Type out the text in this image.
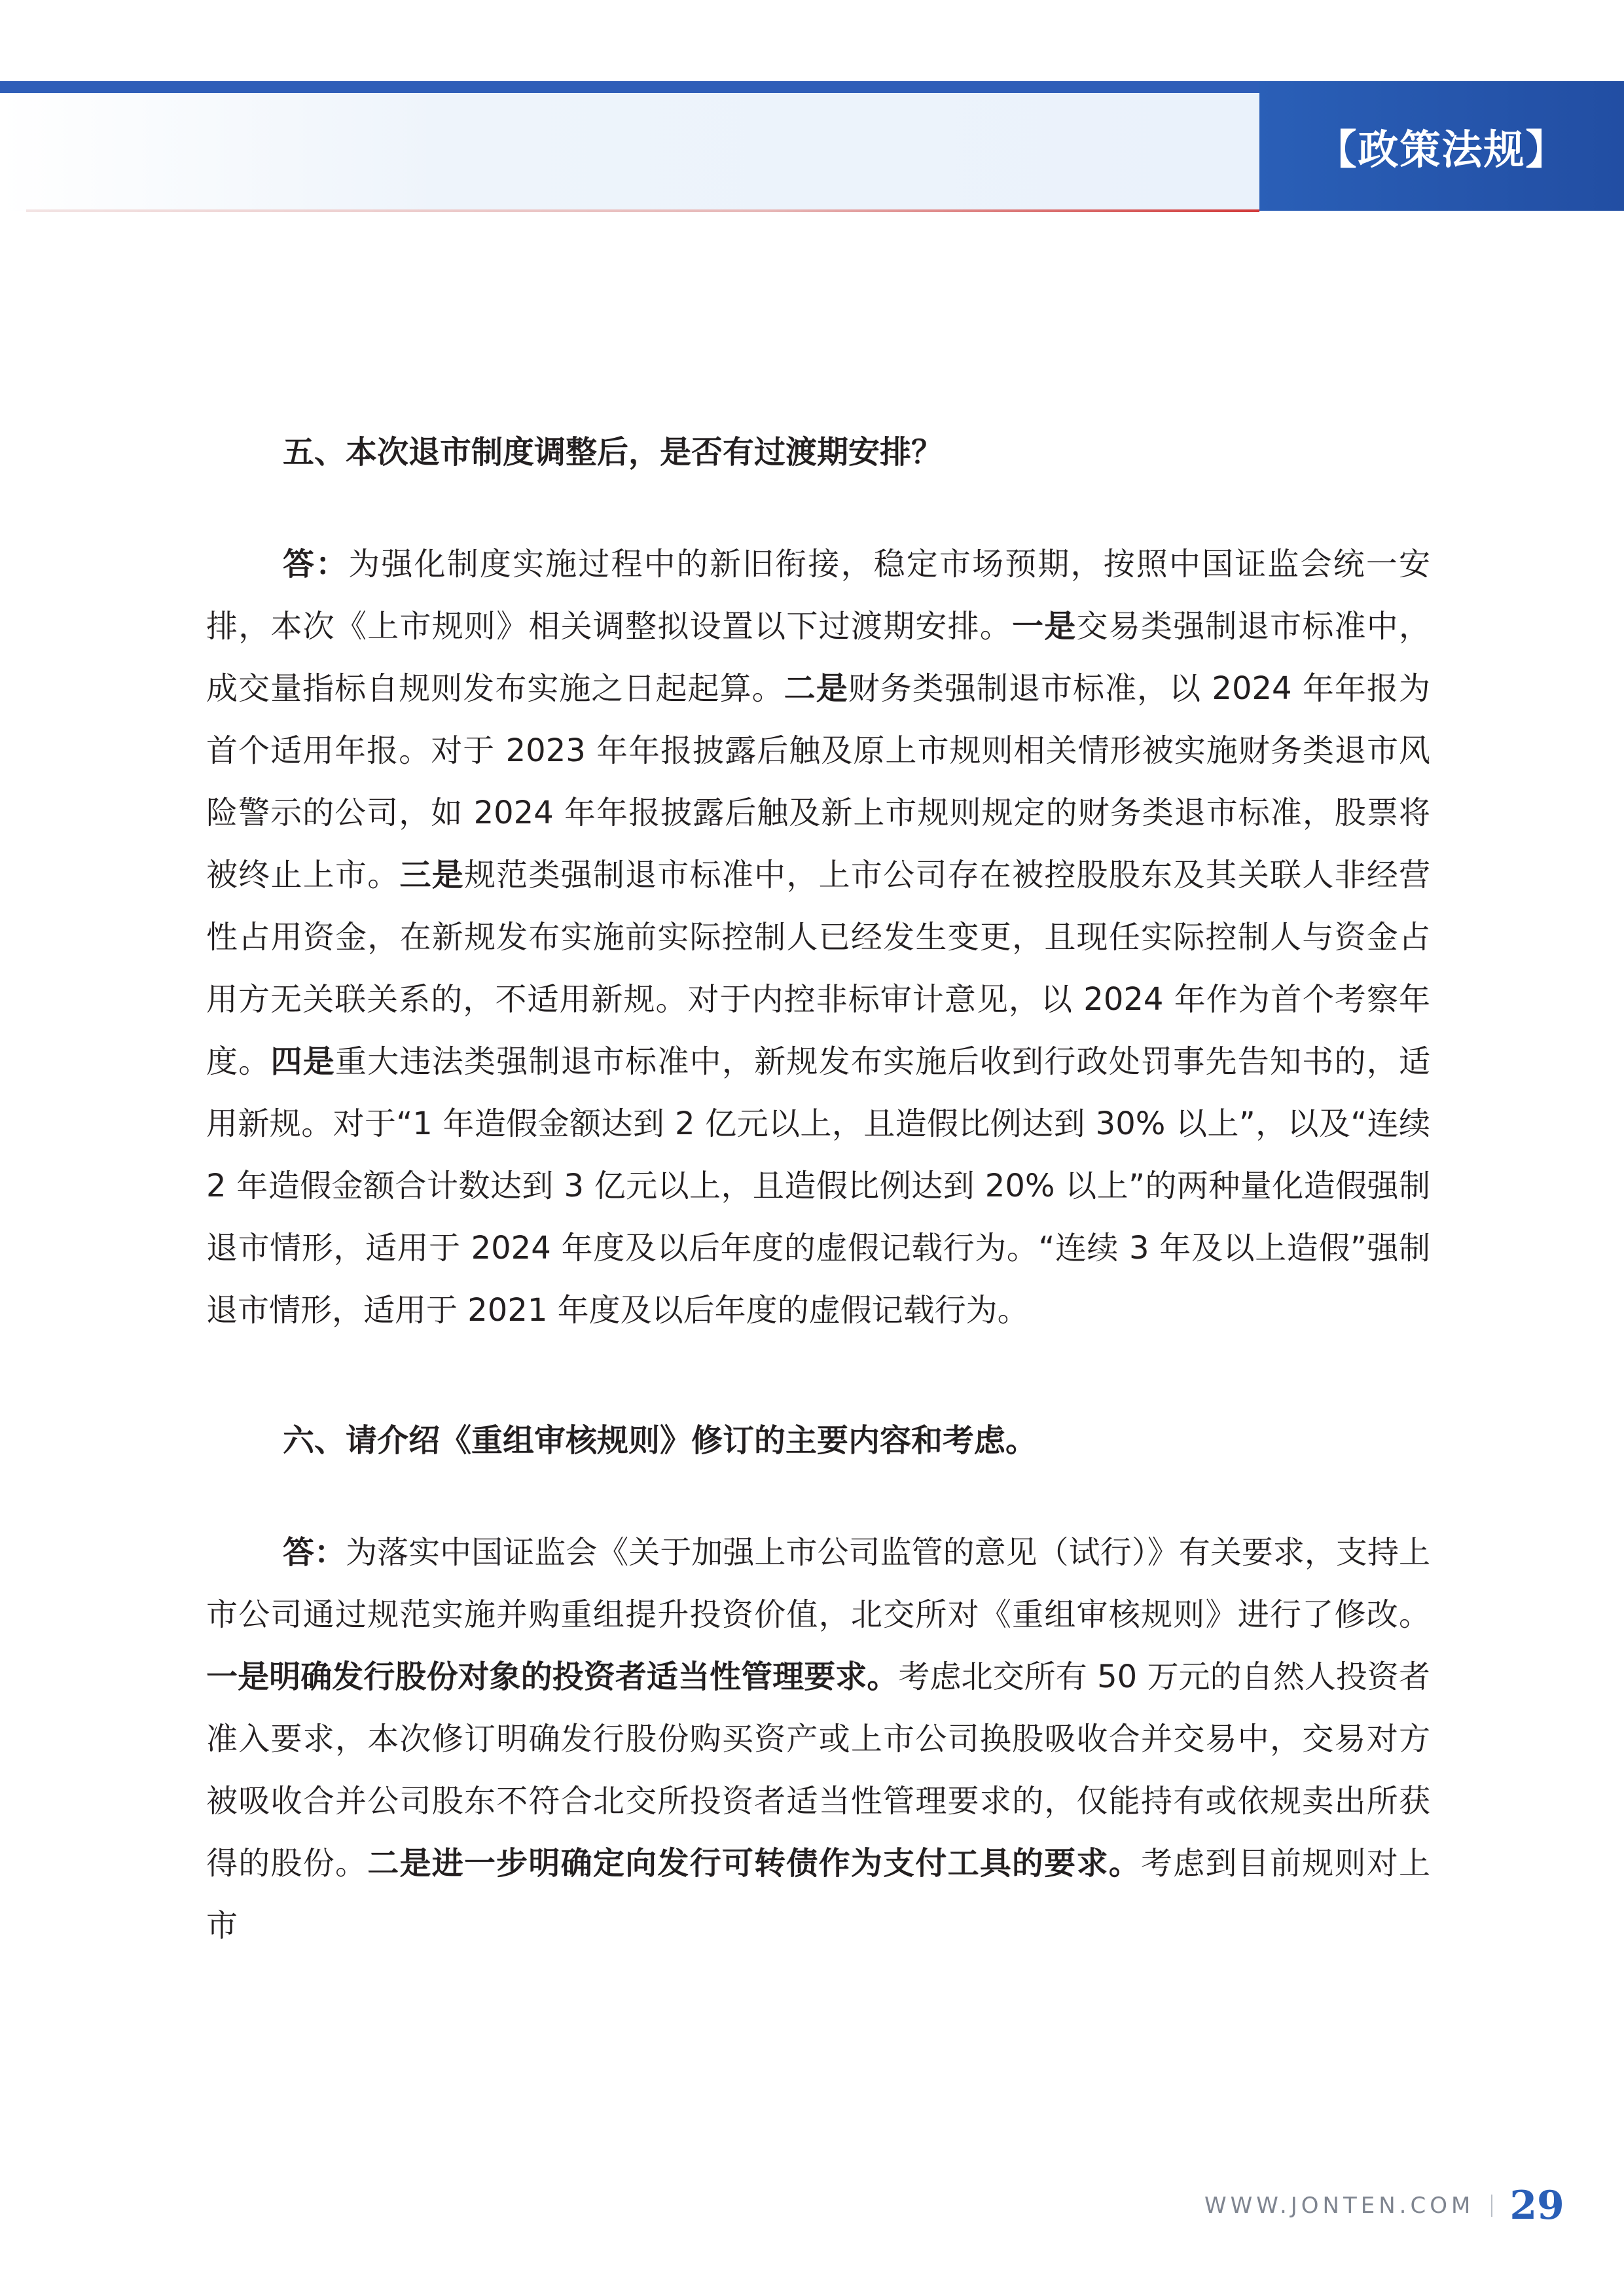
【政策法规】
五、本次退市制度调整后，是否有过渡期安排？

答：为强化制度实施过程中的新旧衔接，稳定市场预期，按照中国证监会统一安排，本次《上市规则》相关调整拟设置以下过渡期安排。一是交易类强制退市标准中，成交量指标自规则发布实施之日起起算。二是财务类强制退市标准，以 2024 年年报为首个适用年报。对于 2023 年年报披露后触及原上市规则相关情形被实施财务类退市风险警示的公司，如 2024 年年报披露后触及新上市规则规定的财务类退市标准，股票将被终止上市。三是规范类强制退市标准中，上市公司存在被控股股东及其关联人非经营性占用资金，在新规发布实施前实际控制人已经发生变更，且现任实际控制人与资金占用方无关联关系的，不适用新规。对于内控非标审计意见，以 2024 年作为首个考察年度。四是重大违法类强制退市标准中，新规发布实施后收到行政处罚事先告知书的，适用新规。对于“1 年造假金额达到 2 亿元以上，且造假比例达到 30% 以上”，以及“连续 2 年造假金额合计数达到 3 亿元以上，且造假比例达到 20% 以上”的两种量化造假强制退市情形，适用于 2024 年度及以后年度的虚假记载行为。“连续 3 年及以上造假”强制退市情形，适用于 2021 年度及以后年度的虚假记载行为。

六、请介绍《重组审核规则》修订的主要内容和考虑。

答：为落实中国证监会《关于加强上市公司监管的意见（试行）》有关要求，支持上市公司通过规范实施并购重组提升投资价值，北交所对《重组审核规则》进行了修改。一是明确发行股份对象的投资者适当性管理要求。考虑北交所有 50 万元的自然人投资者准入要求，本次修订明确发行股份购买资产或上市公司换股吸收合并交易中，交易对方被吸收合并公司股东不符合北交所投资者适当性管理要求的，仅能持有或依规卖出所获得的股份。二是进一步明确定向发行可转债作为支付工具的要求。考虑到目前规则对上市

WWW.JONTEN.COM 29
